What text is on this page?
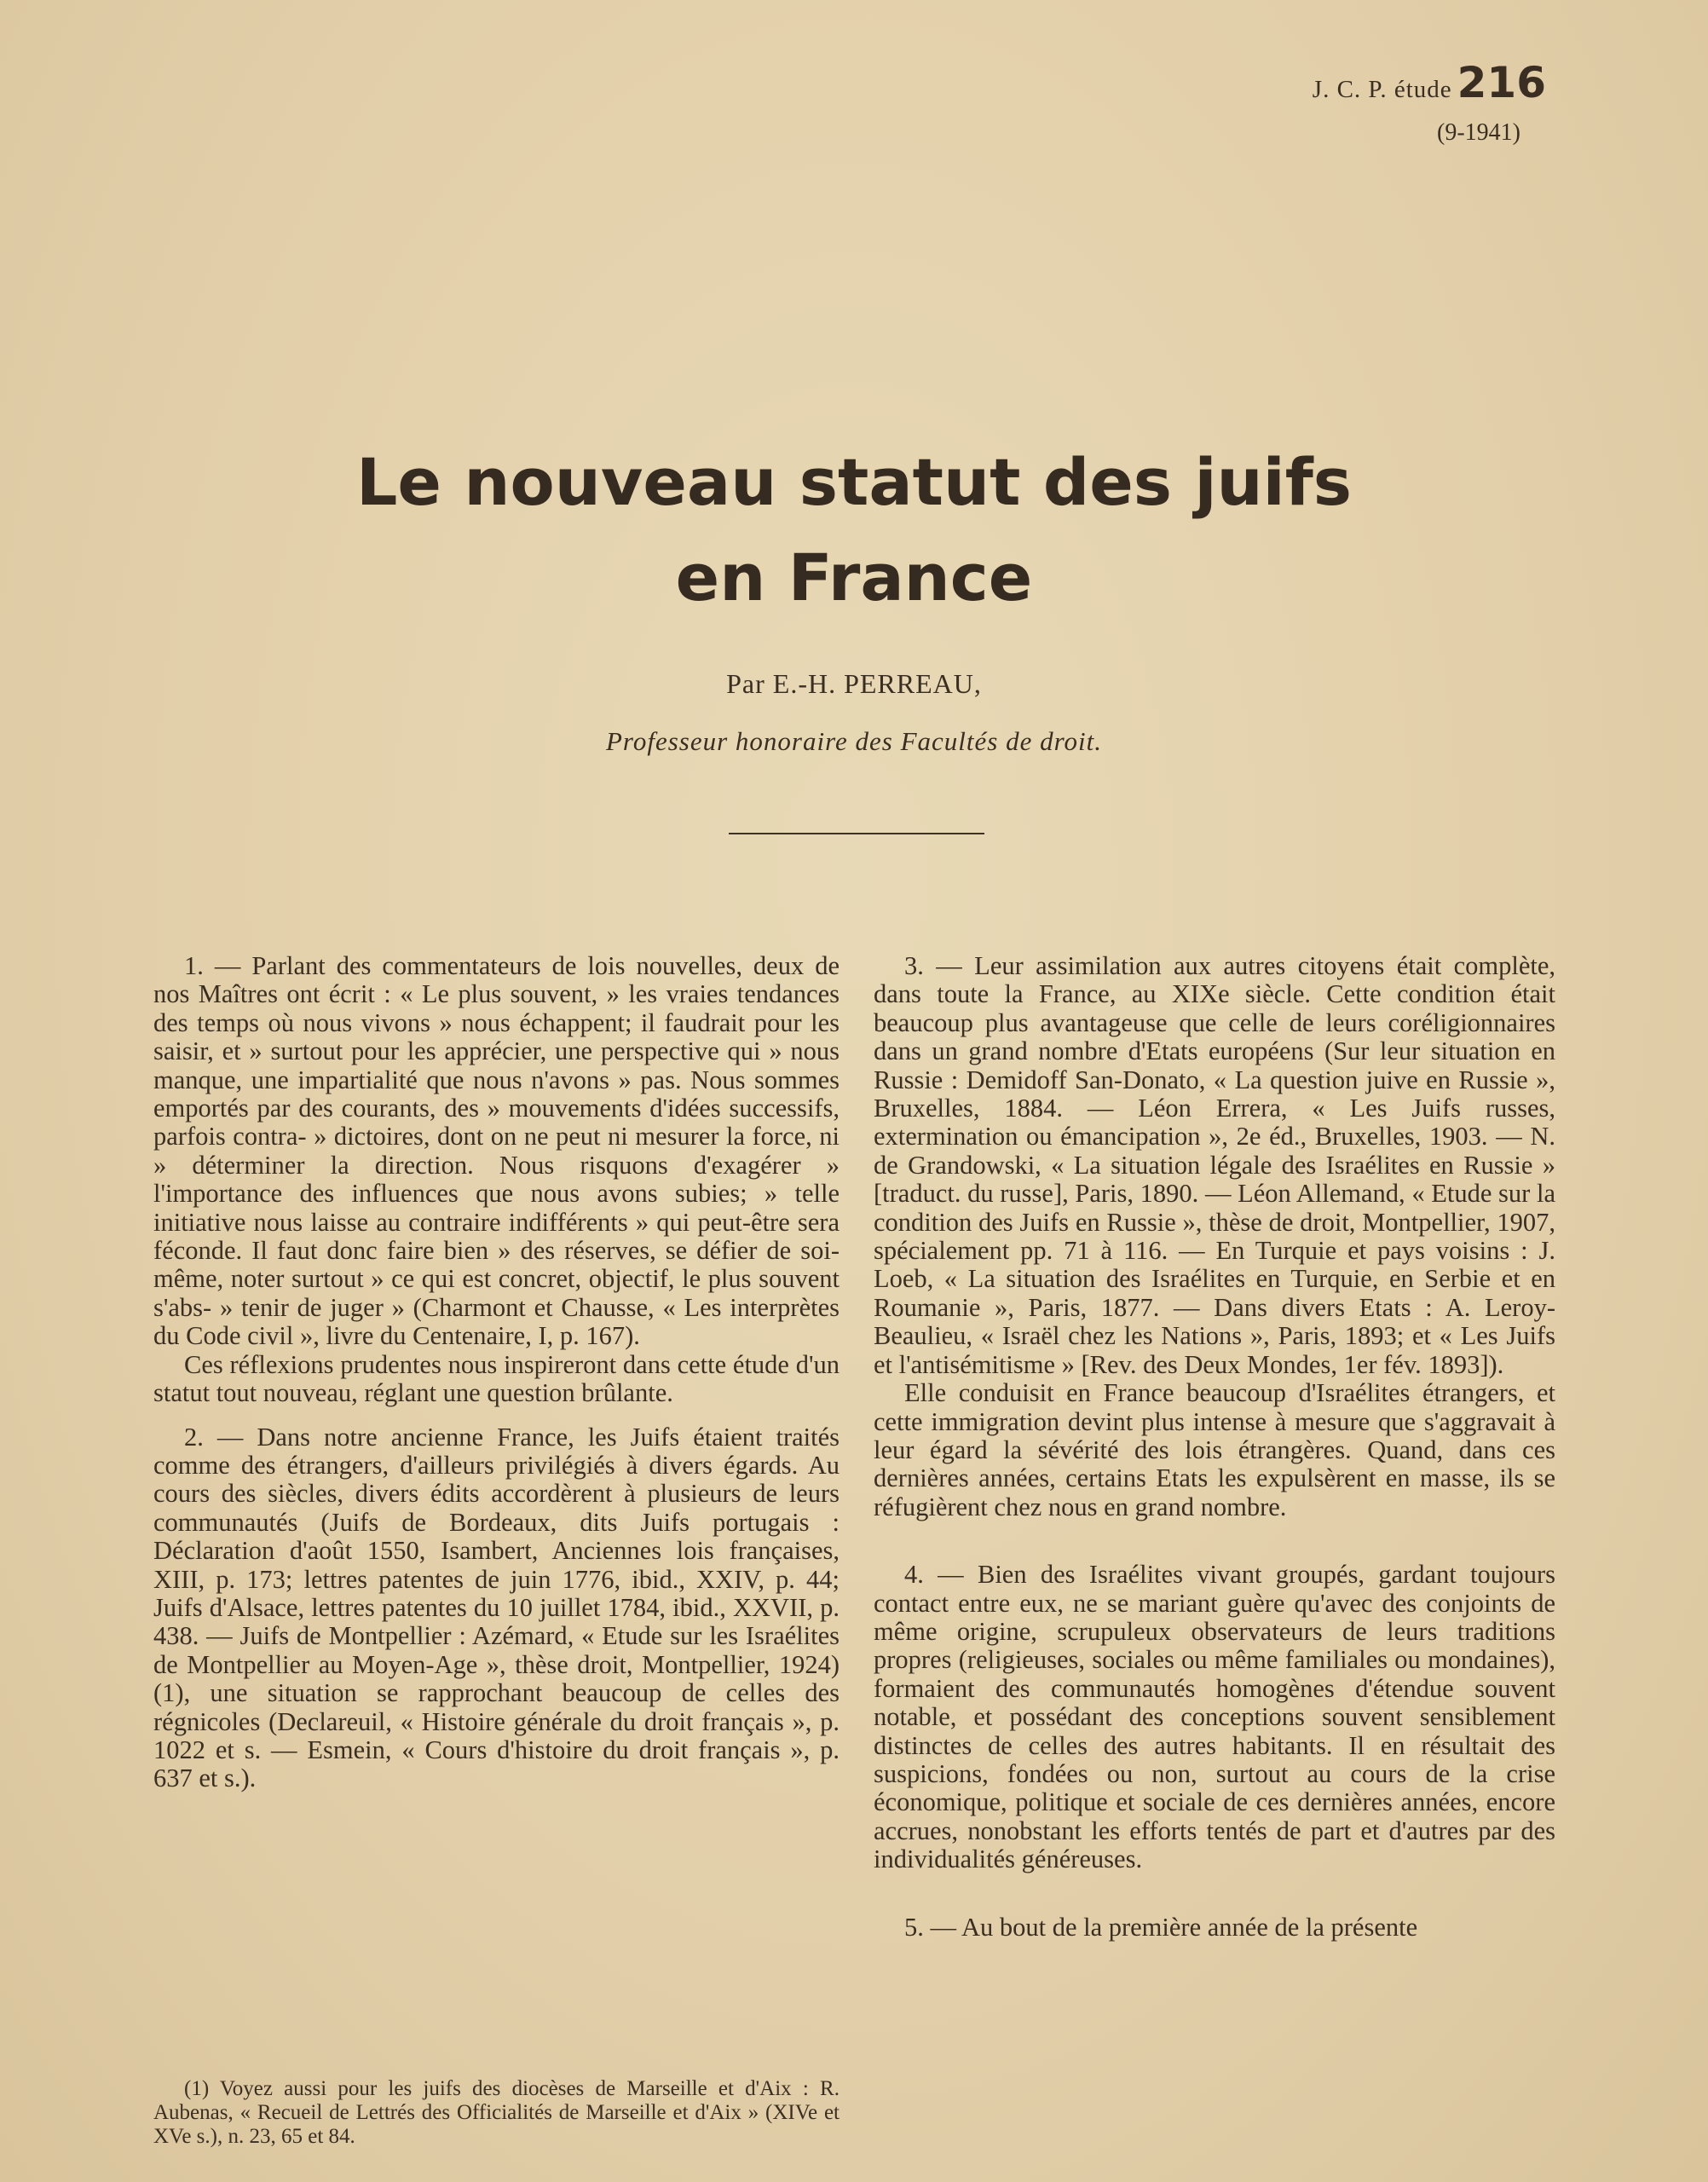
J. C. P. étude 216
(9-1941)
Le nouveau statut des juifs
en France
Par E.-H. PERREAU,
Professeur honoraire des Facultés de droit.

1. — Parlant des commentateurs de lois nouvelles, deux de nos Maîtres ont écrit : « Le plus souvent, » les vraies tendances des temps où nous vivons » nous échappent; il faudrait pour les saisir, et » surtout pour les apprécier, une perspective qui » nous manque, une impartialité que nous n'avons » pas. Nous sommes emportés par des courants, des » mouvements d'idées successifs, parfois contra- » dictoires, dont on ne peut ni mesurer la force, ni » déterminer la direction. Nous risquons d'exagérer » l'importance des influences que nous avons subies; » telle initiative nous laisse au contraire indifférents » qui peut-être sera féconde. Il faut donc faire bien » des réserves, se défier de soi-même, noter surtout » ce qui est concret, objectif, le plus souvent s'abs- » tenir de juger » (Charmont et Chausse, « Les interprètes du Code civil », livre du Centenaire, I, p. 167).

Ces réflexions prudentes nous inspireront dans cette étude d'un statut tout nouveau, réglant une question brûlante.

2. — Dans notre ancienne France, les Juifs étaient traités comme des étrangers, d'ailleurs privilégiés à divers égards. Au cours des siècles, divers édits accordèrent à plusieurs de leurs communautés (Juifs de Bordeaux, dits Juifs portugais : Déclaration d'août 1550, Isambert, Anciennes lois françaises, XIII, p. 173; lettres patentes de juin 1776, ibid., XXIV, p. 44; Juifs d'Alsace, lettres patentes du 10 juillet 1784, ibid., XXVII, p. 438. — Juifs de Montpellier : Azémard, « Etude sur les Israélites de Montpellier au Moyen-Age », thèse droit, Montpellier, 1924) (1), une situation se rapprochant beaucoup de celles des régnicoles (Declareuil, « Histoire générale du droit français », p. 1022 et s. — Esmein, « Cours d'histoire du droit français », p. 637 et s.).

(1) Voyez aussi pour les juifs des diocèses de Marseille et d'Aix : R. Aubenas, « Recueil de Lettrés des Officialités de Marseille et d'Aix » (XIVe et XVe s.), n. 23, 65 et 84.

3. — Leur assimilation aux autres citoyens était complète, dans toute la France, au XIXe siècle. Cette condition était beaucoup plus avantageuse que celle de leurs coréligionnaires dans un grand nombre d'Etats européens (Sur leur situation en Russie : Demidoff San-Donato, « La question juive en Russie », Bruxelles, 1884. — Léon Errera, « Les Juifs russes, extermination ou émancipation », 2e éd., Bruxelles, 1903. — N. de Grandowski, « La situation légale des Israélites en Russie » [traduct. du russe], Paris, 1890. — Léon Allemand, « Etude sur la condition des Juifs en Russie », thèse de droit, Montpellier, 1907, spécialement pp. 71 à 116. — En Turquie et pays voisins : J. Loeb, « La situation des Israélites en Turquie, en Serbie et en Roumanie », Paris, 1877. — Dans divers Etats : A. Leroy-Beaulieu, « Israël chez les Nations », Paris, 1893; et « Les Juifs et l'antisémitisme » [Rev. des Deux Mondes, 1er fév. 1893]).

Elle conduisit en France beaucoup d'Israélites étrangers, et cette immigration devint plus intense à mesure que s'aggravait à leur égard la sévérité des lois étrangères. Quand, dans ces dernières années, certains Etats les expulsèrent en masse, ils se réfugièrent chez nous en grand nombre.

4. — Bien des Israélites vivant groupés, gardant toujours contact entre eux, ne se mariant guère qu'avec des conjoints de même origine, scrupuleux observateurs de leurs traditions propres (religieuses, sociales ou même familiales ou mondaines), formaient des communautés homogènes d'étendue souvent notable, et possédant des conceptions souvent sensiblement distinctes de celles des autres habitants. Il en résultait des suspicions, fondées ou non, surtout au cours de la crise économique, politique et sociale de ces dernières années, encore accrues, nonobstant les efforts tentés de part et d'autres par des individualités généreuses.

5. — Au bout de la première année de la présente
